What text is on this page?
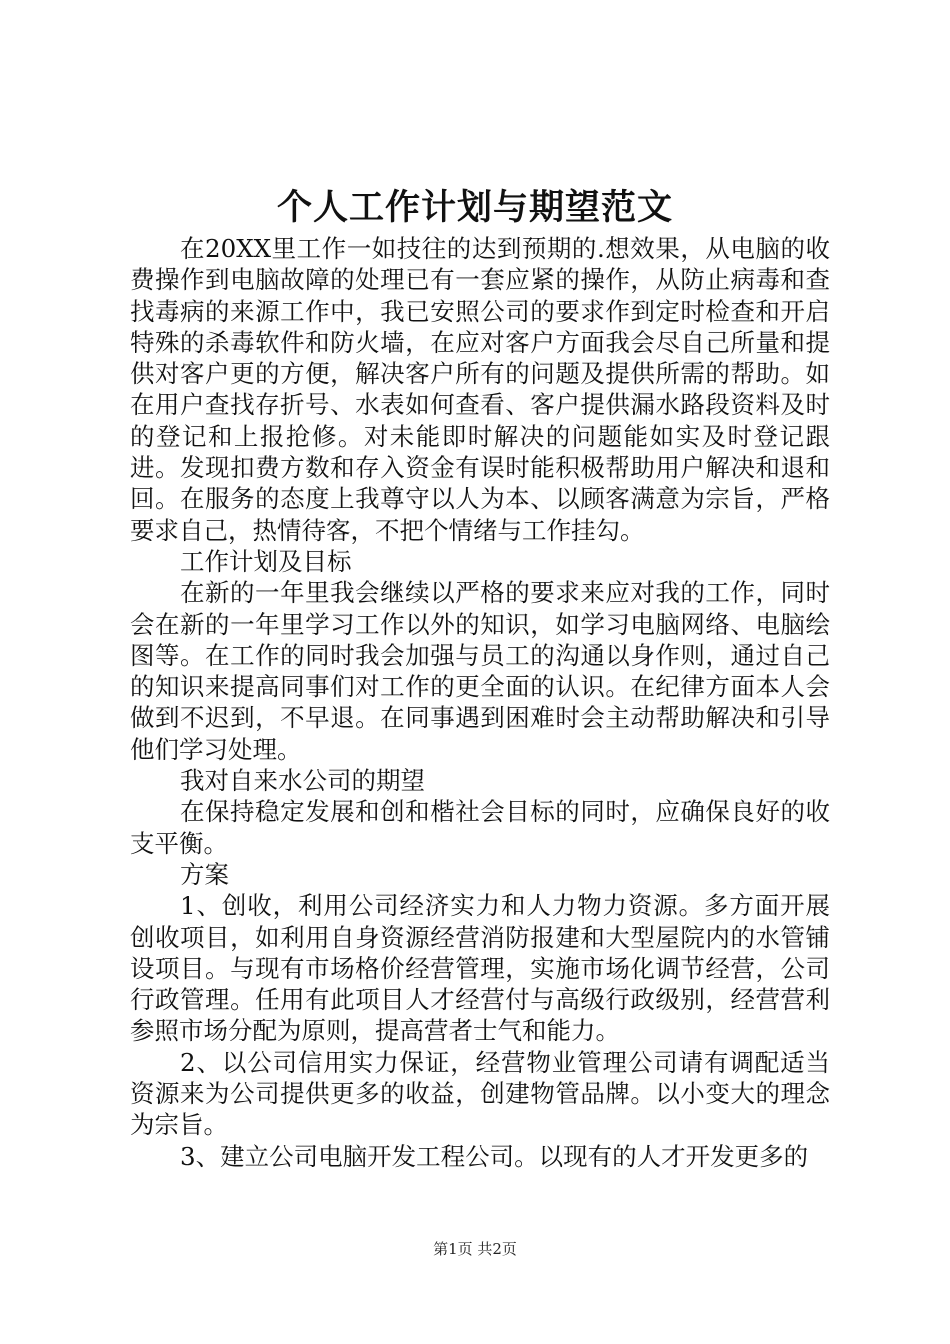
个人工作计划与期望范文

在20XX里工作一如技往的达到预期的.想效果，从电脑的收费操作到电脑故障的处理已有一套应紧的操作，从防止病毒和查找毒病的来源工作中，我已安照公司的要求作到定时检查和开启特殊的杀毒软件和防火墙，在应对客户方面我会尽自己所量和提供对客户更的方便，解决客户所有的问题及提供所需的帮助。如在用户查找存折号、水表如何查看、客户提供漏水路段资料及时的登记和上报抢修。对未能即时解决的问题能如实及时登记跟进。发现扣费方数和存入资金有误时能积极帮助用户解决和退和回。在服务的态度上我尊守以人为本、以顾客满意为宗旨，严格要求自己，热情待客，不把个情绪与工作挂勾。

工作计划及目标

在新的一年里我会继续以严格的要求来应对我的工作，同时会在新的一年里学习工作以外的知识，如学习电脑网络、电脑绘图等。在工作的同时我会加强与员工的沟通以身作则，通过自己的知识来提高同事们对工作的更全面的认识。在纪律方面本人会做到不迟到，不早退。在同事遇到困难时会主动帮助解决和引导他们学习处理。

我对自来水公司的期望

在保持稳定发展和创和楷社会目标的同时，应确保良好的收支平衡。

方案

1、创收，利用公司经济实力和人力物力资源。多方面开展创收项目，如利用自身资源经营消防报建和大型屋院内的水管铺设项目。与现有市场格价经营管理，实施市场化调节经营，公司行政管理。任用有此项目人才经营付与高级行政级别，经营营利参照市场分配为原则，提高营者士气和能力。

2、以公司信用实力保证，经营物业管理公司请有调配适当资源来为公司提供更多的收益，创建物管品牌。以小变大的理念为宗旨。

3、建立公司电脑开发工程公司。以现有的人才开发更多的

第1页 共2页
